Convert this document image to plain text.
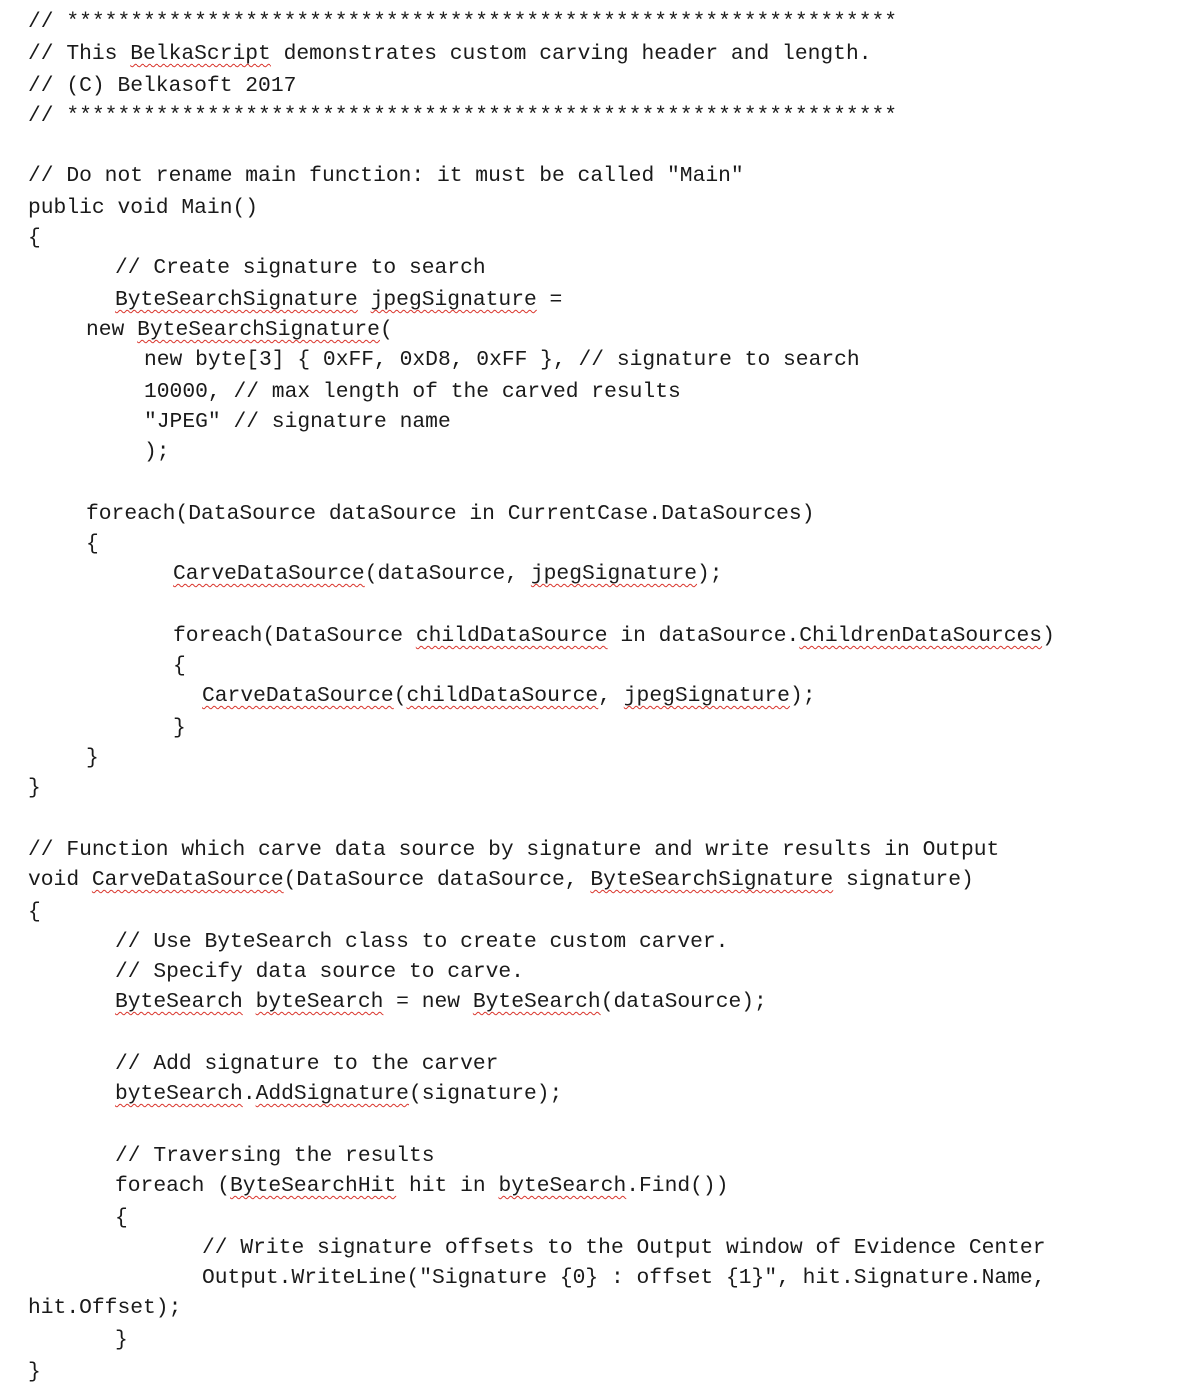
// *****************************************************************
// This BelkaScript demonstrates custom carving header and length.
// (C) Belkasoft 2017
// *****************************************************************
// Do not rename main function: it must be called "Main"
public void Main()
{
// Create signature to search
ByteSearchSignature jpegSignature =
new ByteSearchSignature(
new byte[3] { 0xFF, 0xD8, 0xFF }, // signature to search
10000, // max length of the carved results
"JPEG" // signature name
);
foreach(DataSource dataSource in CurrentCase.DataSources)
{
CarveDataSource(dataSource, jpegSignature);
foreach(DataSource childDataSource in dataSource.ChildrenDataSources)
{
CarveDataSource(childDataSource, jpegSignature);
}
}
}
// Function which carve data source by signature and write results in Output
void CarveDataSource(DataSource dataSource, ByteSearchSignature signature)
{
// Use ByteSearch class to create custom carver.
// Specify data source to carve.
ByteSearch byteSearch = new ByteSearch(dataSource);
// Add signature to the carver
byteSearch.AddSignature(signature);
// Traversing the results
foreach (ByteSearchHit hit in byteSearch.Find())
{
// Write signature offsets to the Output window of Evidence Center
Output.WriteLine("Signature {0} : offset {1}", hit.Signature.Name,
hit.Offset);
}
}
